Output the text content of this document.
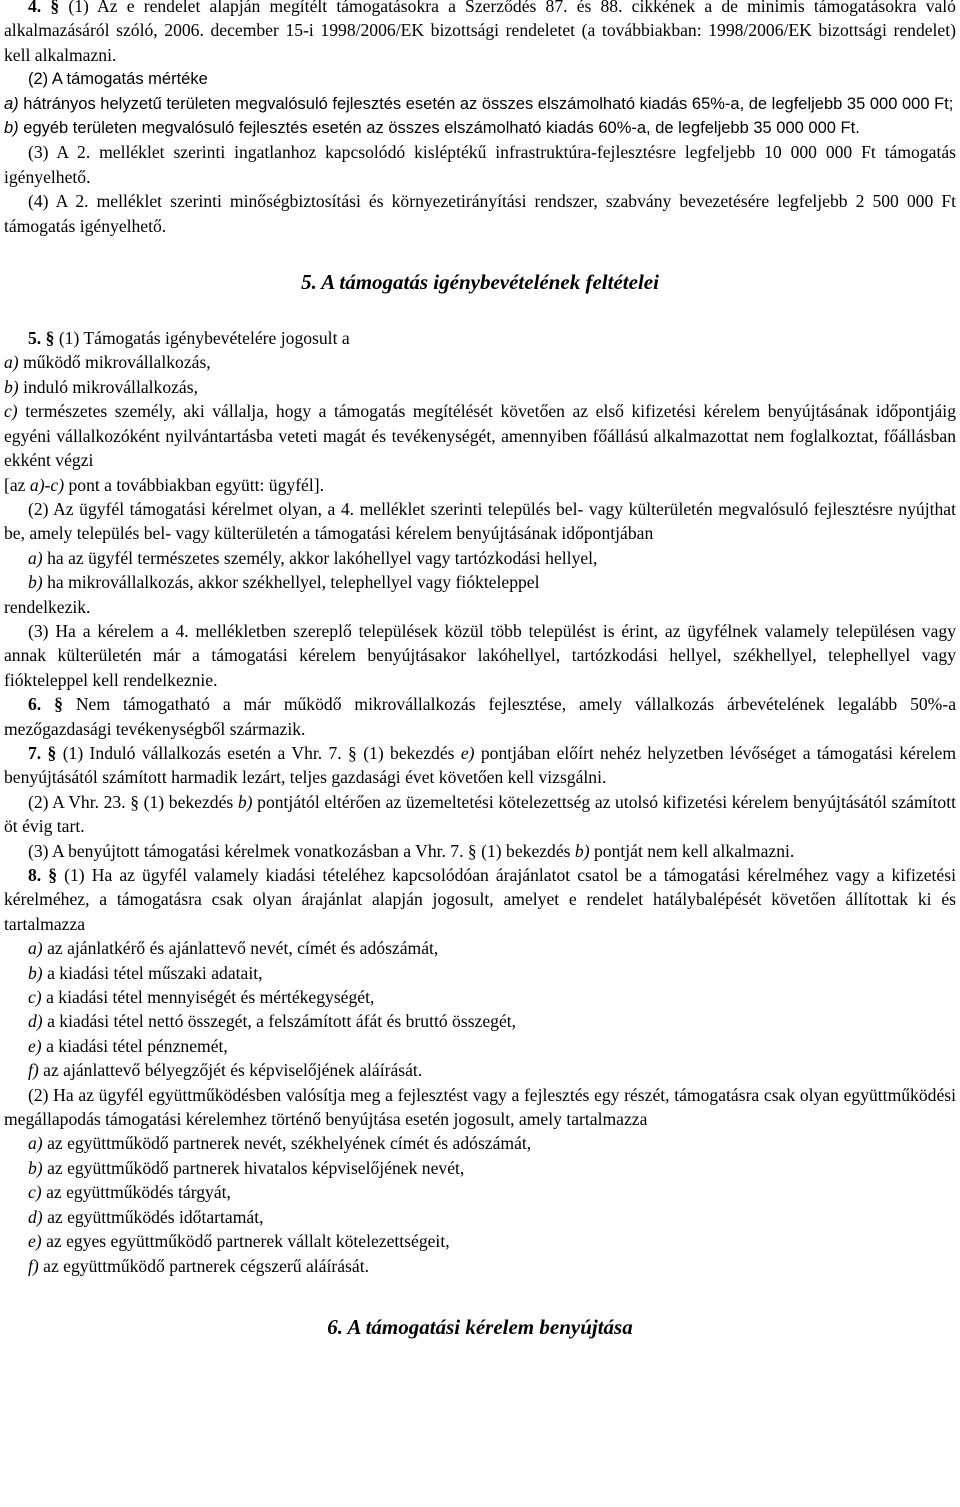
4. § (1) Az e rendelet alapján megítélt támogatásokra a Szerződés 87. és 88. cikkének a de minimis támogatásokra való alkalmazásáról szóló, 2006. december 15-i 1998/2006/EK bizottsági rendeletet (a továbbiakban: 1998/2006/EK bizottsági rendelet) kell alkalmazni.

(2) A támogatás mértéke

a) hátrányos helyzetű területen megvalósuló fejlesztés esetén az összes elszámolható kiadás 65%-a, de legfeljebb 35 000 000 Ft;

b) egyéb területen megvalósuló fejlesztés esetén az összes elszámolható kiadás 60%-a, de legfeljebb 35 000 000 Ft.

(3) A 2. melléklet szerinti ingatlanhoz kapcsolódó kisléptékű infrastruktúra-fejlesztésre legfeljebb 10 000 000 Ft támogatás igényelhető.

(4) A 2. melléklet szerinti minőségbiztosítási és környezetirányítási rendszer, szabvány bevezetésére legfeljebb 2 500 000 Ft támogatás igényelhető.

5. A támogatás igénybevételének feltételei

5. § (1) Támogatás igénybevételére jogosult a

a) működő mikrovállalkozás,

b) induló mikrovállalkozás,

c) természetes személy, aki vállalja, hogy a támogatás megítélését követően az első kifizetési kérelem benyújtásának időpontjáig egyéni vállalkozóként nyilvántartásba veteti magát és tevékenységét, amennyiben főállású alkalmazottat nem foglalkoztat, főállásban ekként végzi

[az a)-c) pont a továbbiakban együtt: ügyfél].

(2) Az ügyfél támogatási kérelmet olyan, a 4. melléklet szerinti település bel- vagy külterületén megvalósuló fejlesztésre nyújthat be, amely település bel- vagy külterületén a támogatási kérelem benyújtásának időpontjában

a) ha az ügyfél természetes személy, akkor lakóhellyel vagy tartózkodási hellyel,

b) ha mikrovállalkozás, akkor székhellyel, telephellyel vagy fiókteleppel

rendelkezik.

(3) Ha a kérelem a 4. mellékletben szereplő települések közül több települést is érint, az ügyfélnek valamely településen vagy annak külterületén már a támogatási kérelem benyújtásakor lakóhellyel, tartózkodási hellyel, székhellyel, telephellyel vagy fiókteleppel kell rendelkeznie.

6. § Nem támogatható a már működő mikrovállalkozás fejlesztése, amely vállalkozás árbevételének legalább 50%-a mezőgazdasági tevékenységből származik.

7. § (1) Induló vállalkozás esetén a Vhr. 7. § (1) bekezdés e) pontjában előírt nehéz helyzetben lévőséget a támogatási kérelem benyújtásától számított harmadik lezárt, teljes gazdasági évet követően kell vizsgálni.

(2) A Vhr. 23. § (1) bekezdés b) pontjától eltérően az üzemeltetési kötelezettség az utolsó kifizetési kérelem benyújtásától számított öt évig tart.

(3) A benyújtott támogatási kérelmek vonatkozásban a Vhr. 7. § (1) bekezdés b) pontját nem kell alkalmazni.

8. § (1) Ha az ügyfél valamely kiadási tételéhez kapcsolódóan árajánlatot csatol be a támogatási kérelméhez vagy a kifizetési kérelméhez, a támogatásra csak olyan árajánlat alapján jogosult, amelyet e rendelet hatálybalépését követően állítottak ki és tartalmazza

a) az ajánlatkérő és ajánlattevő nevét, címét és adószámát,

b) a kiadási tétel műszaki adatait,

c) a kiadási tétel mennyiségét és mértékegységét,

d) a kiadási tétel nettó összegét, a felszámított áfát és bruttó összegét,

e) a kiadási tétel pénznemét,

f) az ajánlattevő bélyegzőjét és képviselőjének aláírását.

(2) Ha az ügyfél együttműködésben valósítja meg a fejlesztést vagy a fejlesztés egy részét, támogatásra csak olyan együttműködési megállapodás támogatási kérelemhez történő benyújtása esetén jogosult, amely tartalmazza

a) az együttműködő partnerek nevét, székhelyének címét és adószámát,

b) az együttműködő partnerek hivatalos képviselőjének nevét,

c) az együttműködés tárgyát,

d) az együttműködés időtartamát,

e) az egyes együttműködő partnerek vállalt kötelezettségeit,

f) az együttműködő partnerek cégszerű aláírását.

6. A támogatási kérelem benyújtása
